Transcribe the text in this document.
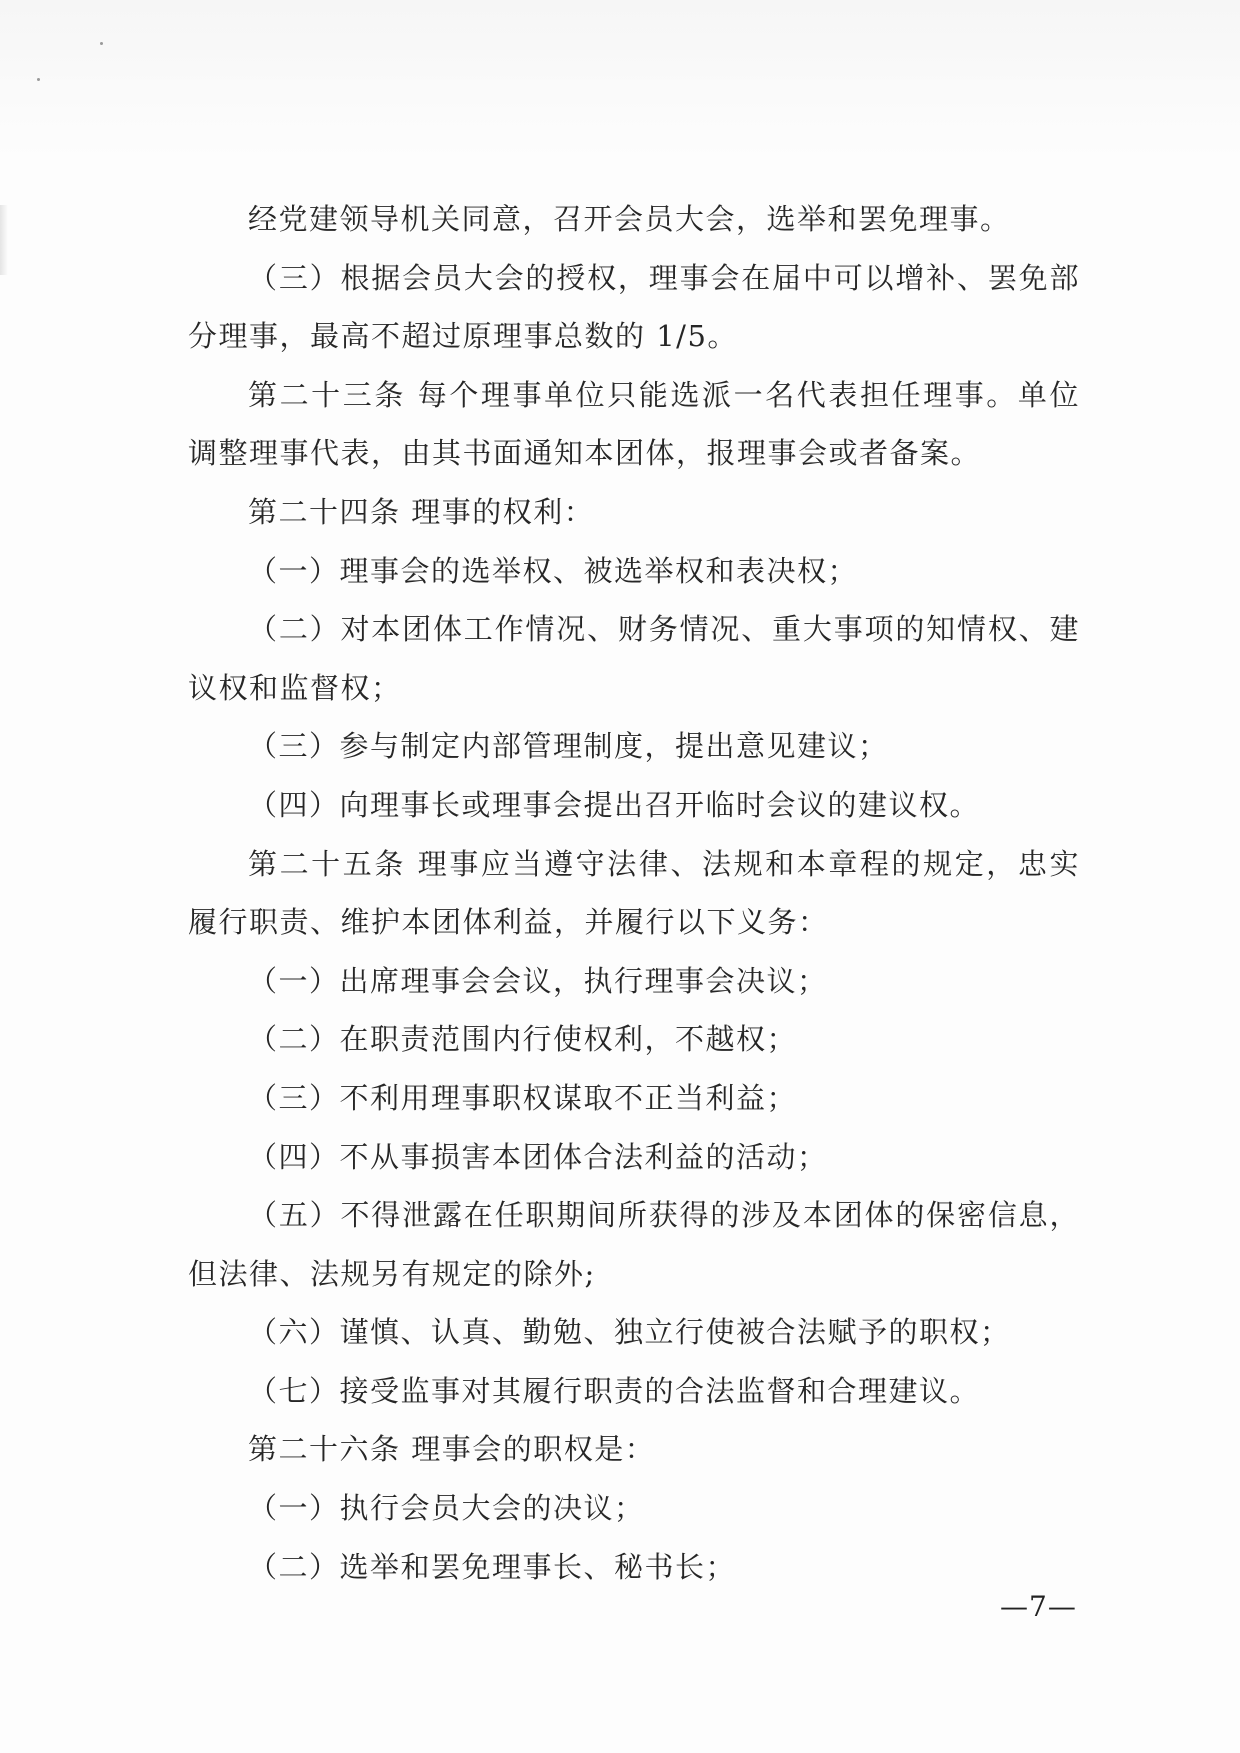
经党建领导机关同意，召开会员大会，选举和罢免理事。

（三）根据会员大会的授权，理事会在届中可以增补、罢免部分理事，最高不超过原理事总数的 1/5。

第二十三条 每个理事单位只能选派一名代表担任理事。单位调整理事代表，由其书面通知本团体，报理事会或者备案。

第二十四条 理事的权利：

（一）理事会的选举权、被选举权和表决权；

（二）对本团体工作情况、财务情况、重大事项的知情权、建议权和监督权；

（三）参与制定内部管理制度，提出意见建议；

（四）向理事长或理事会提出召开临时会议的建议权。

第二十五条 理事应当遵守法律、法规和本章程的规定，忠实履行职责、维护本团体利益，并履行以下义务：

（一）出席理事会会议，执行理事会决议；

（二）在职责范围内行使权利，不越权；

（三）不利用理事职权谋取不正当利益；

（四）不从事损害本团体合法利益的活动；

（五）不得泄露在任职期间所获得的涉及本团体的保密信息，但法律、法规另有规定的除外;

（六）谨慎、认真、勤勉、独立行使被合法赋予的职权；

（七）接受监事对其履行职责的合法监督和合理建议。

第二十六条 理事会的职权是：

（一）执行会员大会的决议；

（二）选举和罢免理事长、秘书长；

—7—
